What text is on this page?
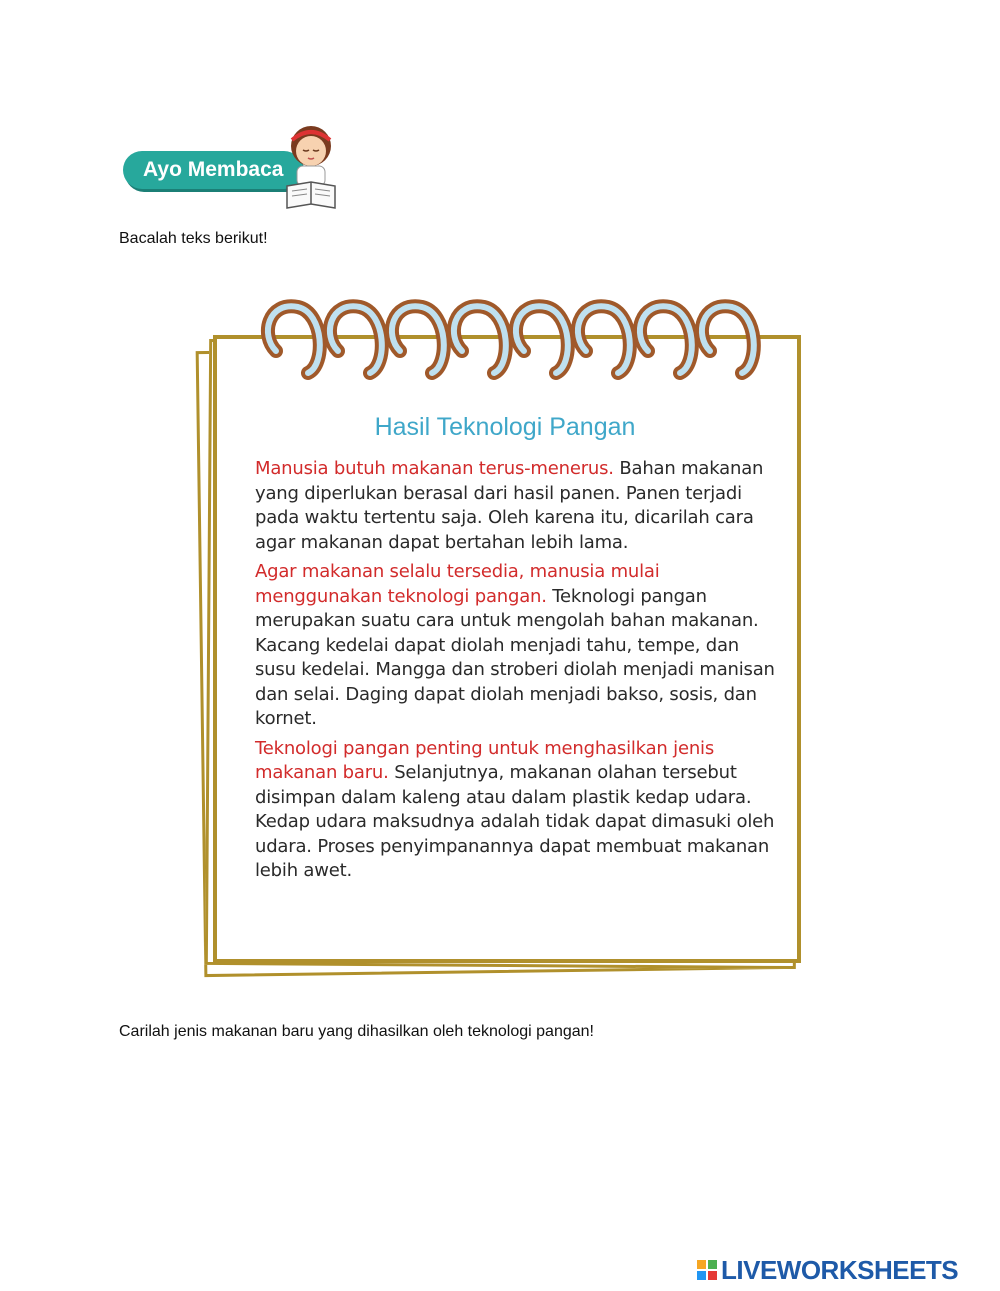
Ayo Membaca
Bacalah teks berikut!
Hasil Teknologi Pangan

Manusia butuh makanan terus-menerus. Bahan makanan yang diperlukan berasal dari hasil panen. Panen terjadi pada waktu tertentu saja. Oleh karena itu, dicarilah cara agar makanan dapat bertahan lebih lama.

Agar makanan selalu tersedia, manusia mulai menggunakan teknologi pangan. Teknologi pangan merupakan suatu cara untuk mengolah bahan makanan. Kacang kedelai dapat diolah menjadi tahu, tempe, dan susu kedelai. Mangga dan stroberi diolah menjadi manisan dan selai. Daging dapat diolah menjadi bakso, sosis, dan kornet.

Teknologi pangan penting untuk menghasilkan jenis makanan baru. Selanjutnya, makanan olahan tersebut disimpan dalam kaleng atau dalam plastik kedap udara. Kedap udara maksudnya adalah tidak dapat dimasuki oleh udara. Proses penyimpanannya dapat membuat makanan lebih awet.

Carilah jenis makanan baru yang dihasilkan oleh teknologi pangan!
LIVEWORKSHEETS
